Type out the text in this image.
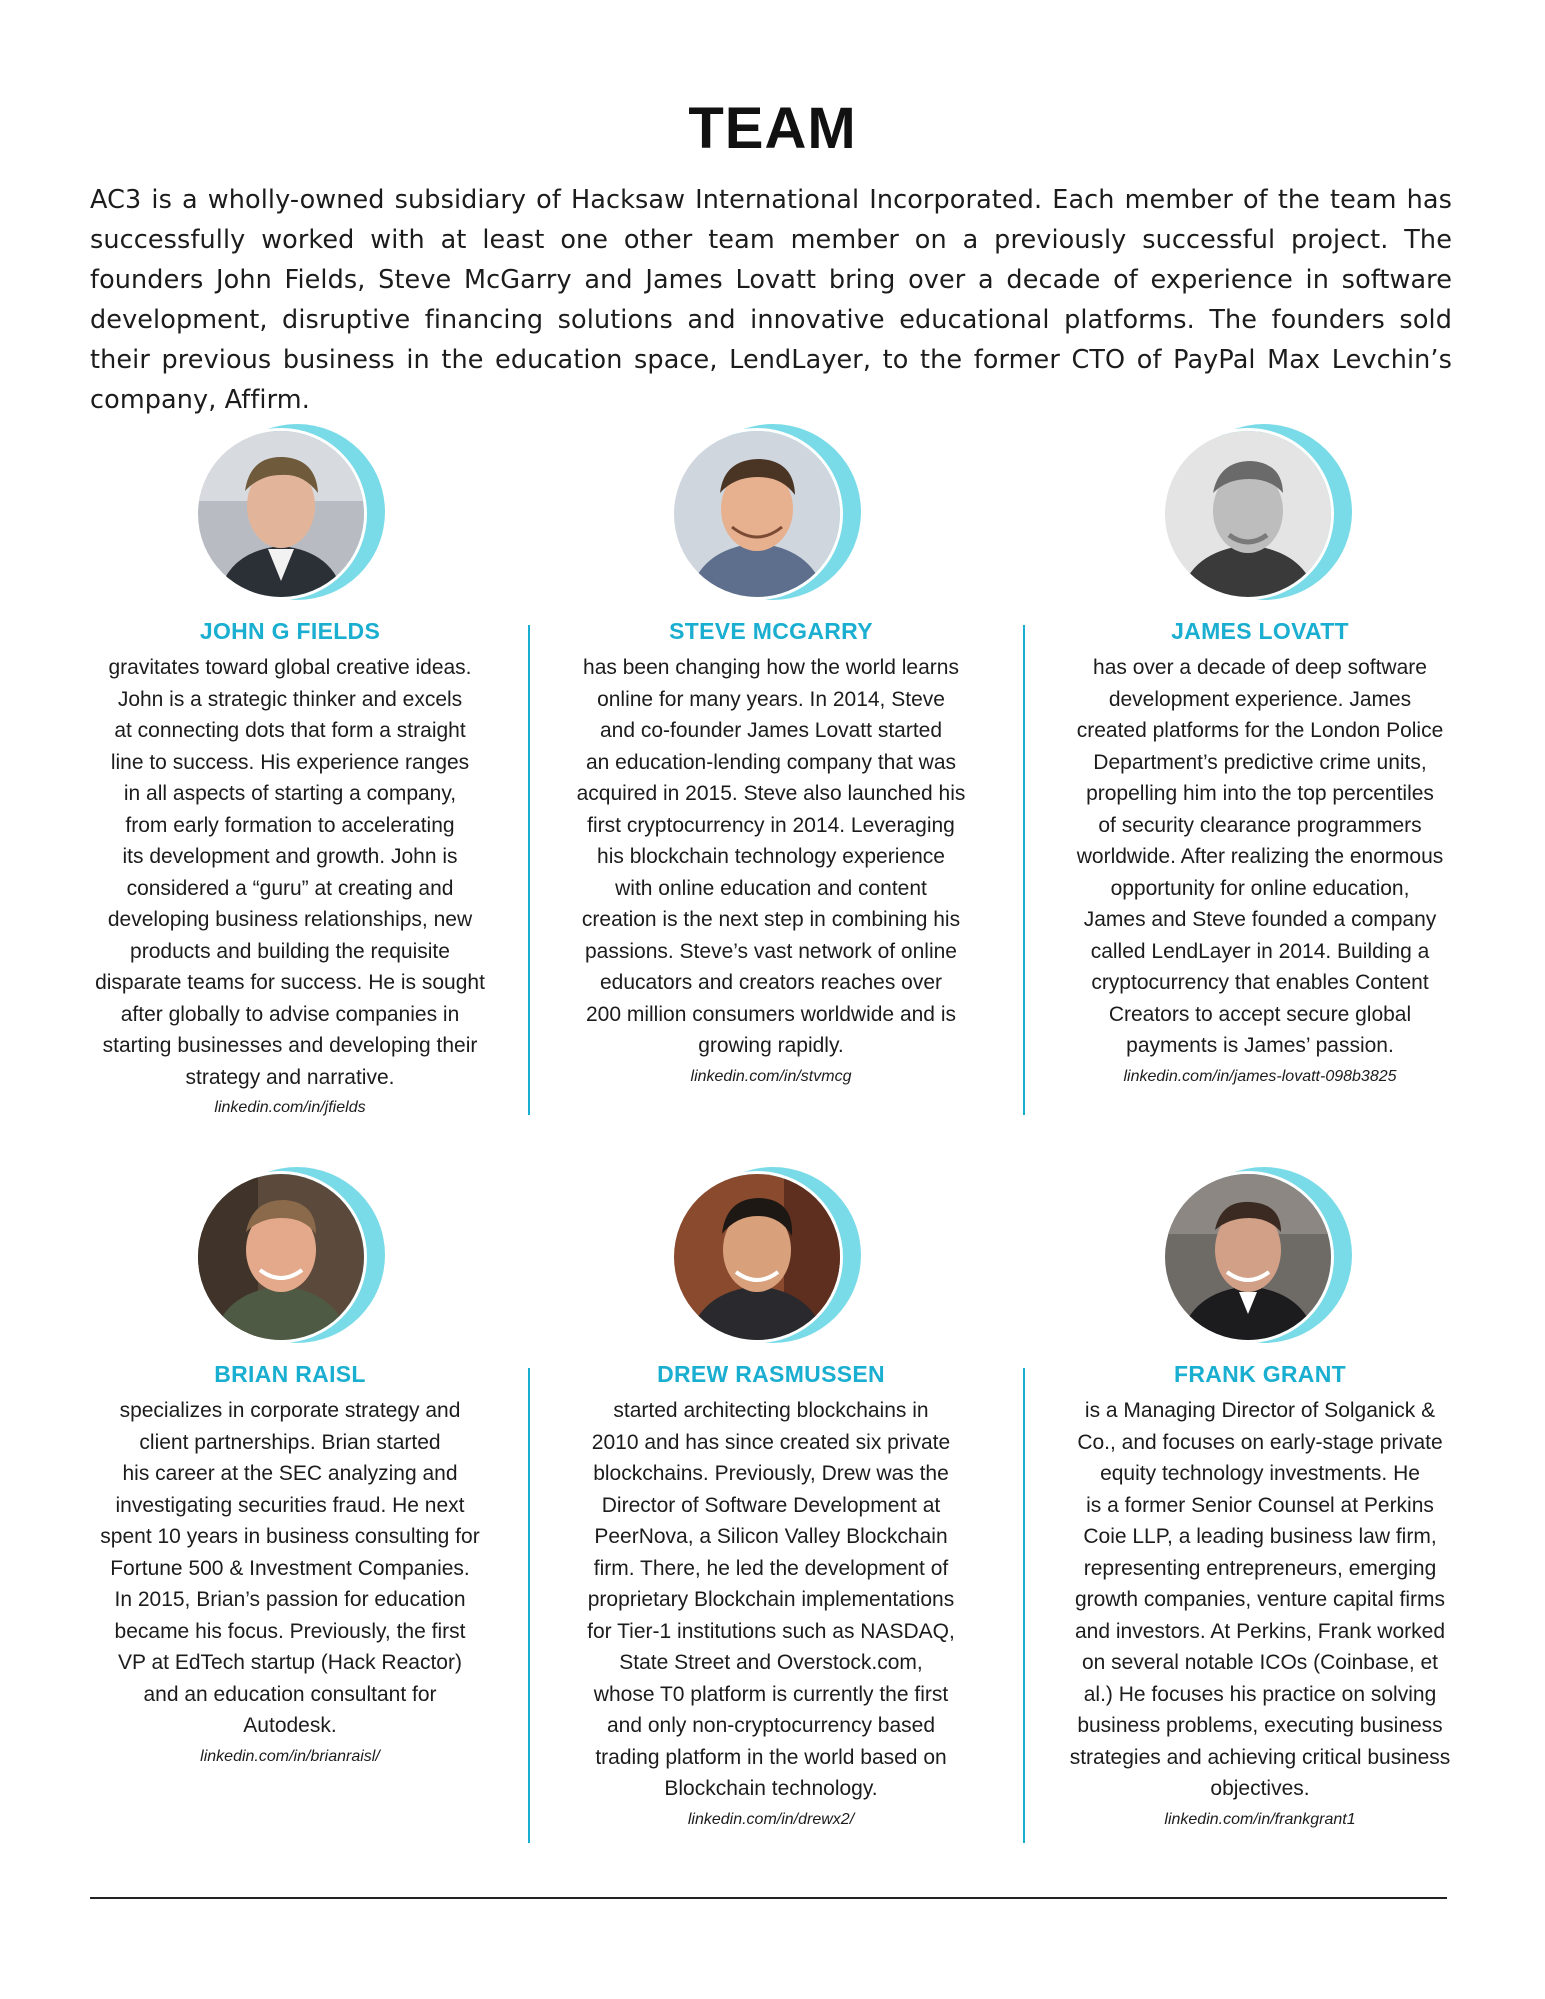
TEAM

AC3 is a wholly-owned subsidiary of Hacksaw International Incorporated. Each member of the team has successfully worked with at least one other team member on a previously successful project. The founders John Fields, Steve McGarry and James Lovatt bring over a decade of experience in software development, disruptive financing solutions and innovative educational platforms. The founders sold their previous business in the education space, LendLayer, to the former CTO of PayPal Max Levchin’s company, Affirm.

JOHN G FIELDS
gravitates toward global creative ideas.
John is a strategic thinker and excels
at connecting dots that form a straight
line to success. His experience ranges
in all aspects of starting a company,
from early formation to accelerating
its development and growth. John is
considered a “guru” at creating and
developing business relationships, new
products and building the requisite
disparate teams for success. He is sought
after globally to advise companies in
starting businesses and developing their
strategy and narrative.
linkedin.com/in/jfields
STEVE MCGARRY
has been changing how the world learns
online for many years. In 2014, Steve
and co-founder James Lovatt started
an education-lending company that was
acquired in 2015. Steve also launched his
first cryptocurrency in 2014. Leveraging
his blockchain technology experience
with online education and content
creation is the next step in combining his
passions. Steve’s vast network of online
educators and creators reaches over
200 million consumers worldwide and is
growing rapidly.
linkedin.com/in/stvmcg
JAMES LOVATT
has over a decade of deep software
development experience. James
created platforms for the London Police
Department’s predictive crime units,
propelling him into the top percentiles
of security clearance programmers
worldwide. After realizing the enormous
opportunity for online education,
James and Steve founded a company
called LendLayer in 2014. Building a
cryptocurrency that enables Content
Creators to accept secure global
payments is James’ passion.
linkedin.com/in/james-lovatt-098b3825
BRIAN RAISL
specializes in corporate strategy and
client partnerships. Brian started
his career at the SEC analyzing and
investigating securities fraud. He next
spent 10 years in business consulting for
Fortune 500 & Investment Companies.
In 2015, Brian’s passion for education
became his focus. Previously, the first
VP at EdTech startup (Hack Reactor)
and an education consultant for
Autodesk.
linkedin.com/in/brianraisl/
DREW RASMUSSEN
started architecting blockchains in
2010 and has since created six private
blockchains. Previously, Drew was the
Director of Software Development at
PeerNova, a Silicon Valley Blockchain
firm. There, he led the development of
proprietary Blockchain implementations
for Tier-1 institutions such as NASDAQ,
State Street and Overstock.com,
whose T0 platform is currently the first
and only non-cryptocurrency based
trading platform in the world based on
Blockchain technology.
linkedin.com/in/drewx2/
FRANK GRANT
is a Managing Director of Solganick &
Co., and focuses on early-stage private
equity technology investments. He
is a former Senior Counsel at Perkins
Coie LLP, a leading business law firm,
representing entrepreneurs, emerging
growth companies, venture capital firms
and investors. At Perkins, Frank worked
on several notable ICOs (Coinbase, et
al.) He focuses his practice on solving
business problems, executing business
strategies and achieving critical business
objectives.
linkedin.com/in/frankgrant1
